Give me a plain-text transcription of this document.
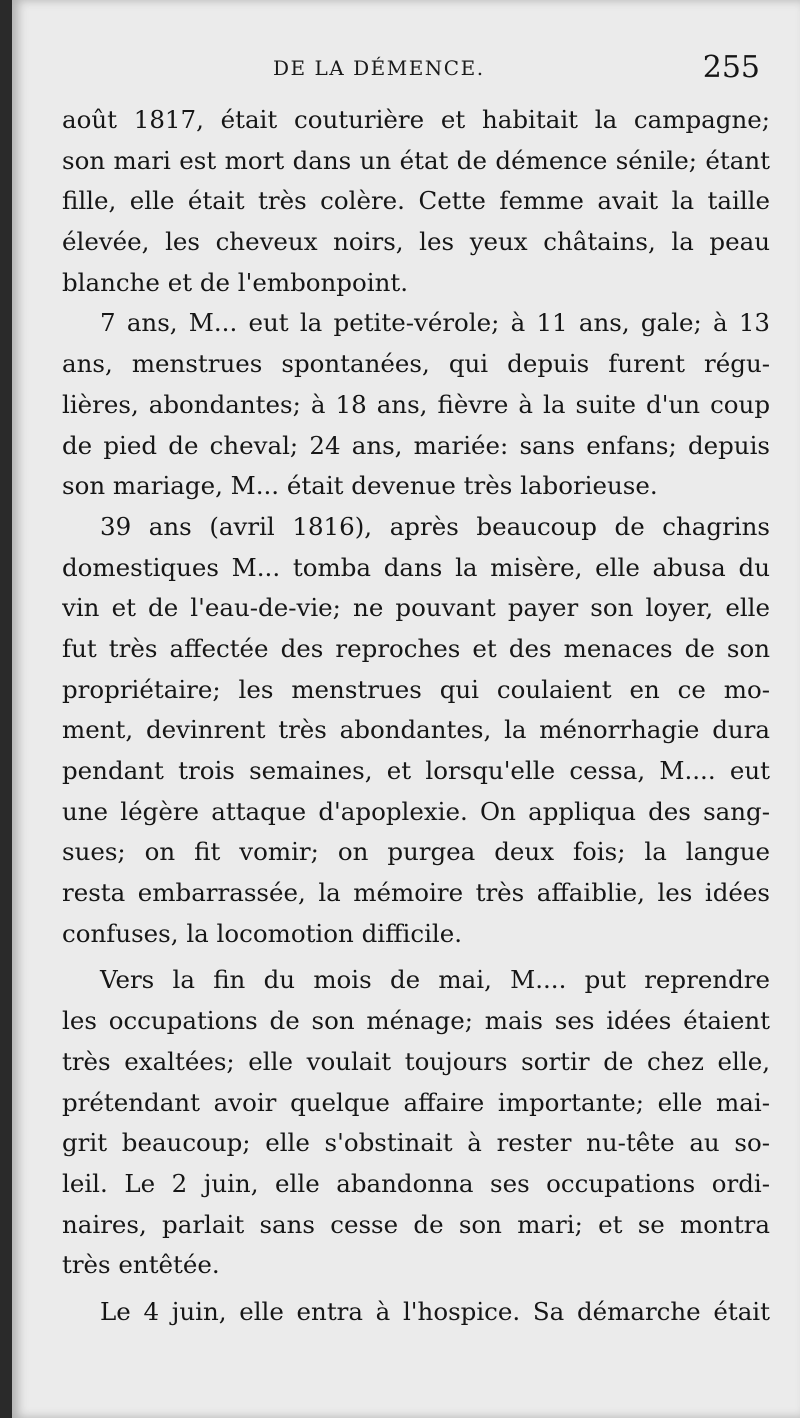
DE LA DÉMENCE.	255
août 1817, était couturière et habitait la campagne;
son mari est mort dans un état de démence sénile; étant
fille, elle était très colère. Cette femme avait la taille
élevée, les cheveux noirs, les yeux châtains, la peau
blanche et de l'embonpoint.
7 ans, M... eut la petite-vérole; à 11 ans, gale; à 13
ans, menstrues spontanées, qui depuis furent régu-
lières, abondantes; à 18 ans, fièvre à la suite d'un coup
de pied de cheval; 24 ans, mariée: sans enfans; depuis
son mariage, M... était devenue très laborieuse.
39 ans (avril 1816), après beaucoup de chagrins
domestiques M... tomba dans la misère, elle abusa du
vin et de l'eau-de-vie; ne pouvant payer son loyer, elle
fut très affectée des reproches et des menaces de son
propriétaire; les menstrues qui coulaient en ce mo-
ment, devinrent très abondantes, la ménorrhagie dura
pendant trois semaines, et lorsqu'elle cessa, M.... eut
une légère attaque d'apoplexie. On appliqua des sang-
sues; on fit vomir; on purgea deux fois; la langue
resta embarrassée, la mémoire très affaiblie, les idées
confuses, la locomotion difficile.
Vers la fin du mois de mai, M.... put reprendre
les occupations de son ménage; mais ses idées étaient
très exaltées; elle voulait toujours sortir de chez elle,
prétendant avoir quelque affaire importante; elle mai-
grit beaucoup; elle s'obstinait à rester nu-tête au so-
leil. Le 2 juin, elle abandonna ses occupations ordi-
naires, parlait sans cesse de son mari; et se montra
très entêtée.
Le 4 juin, elle entra à l'hospice. Sa démarche était
